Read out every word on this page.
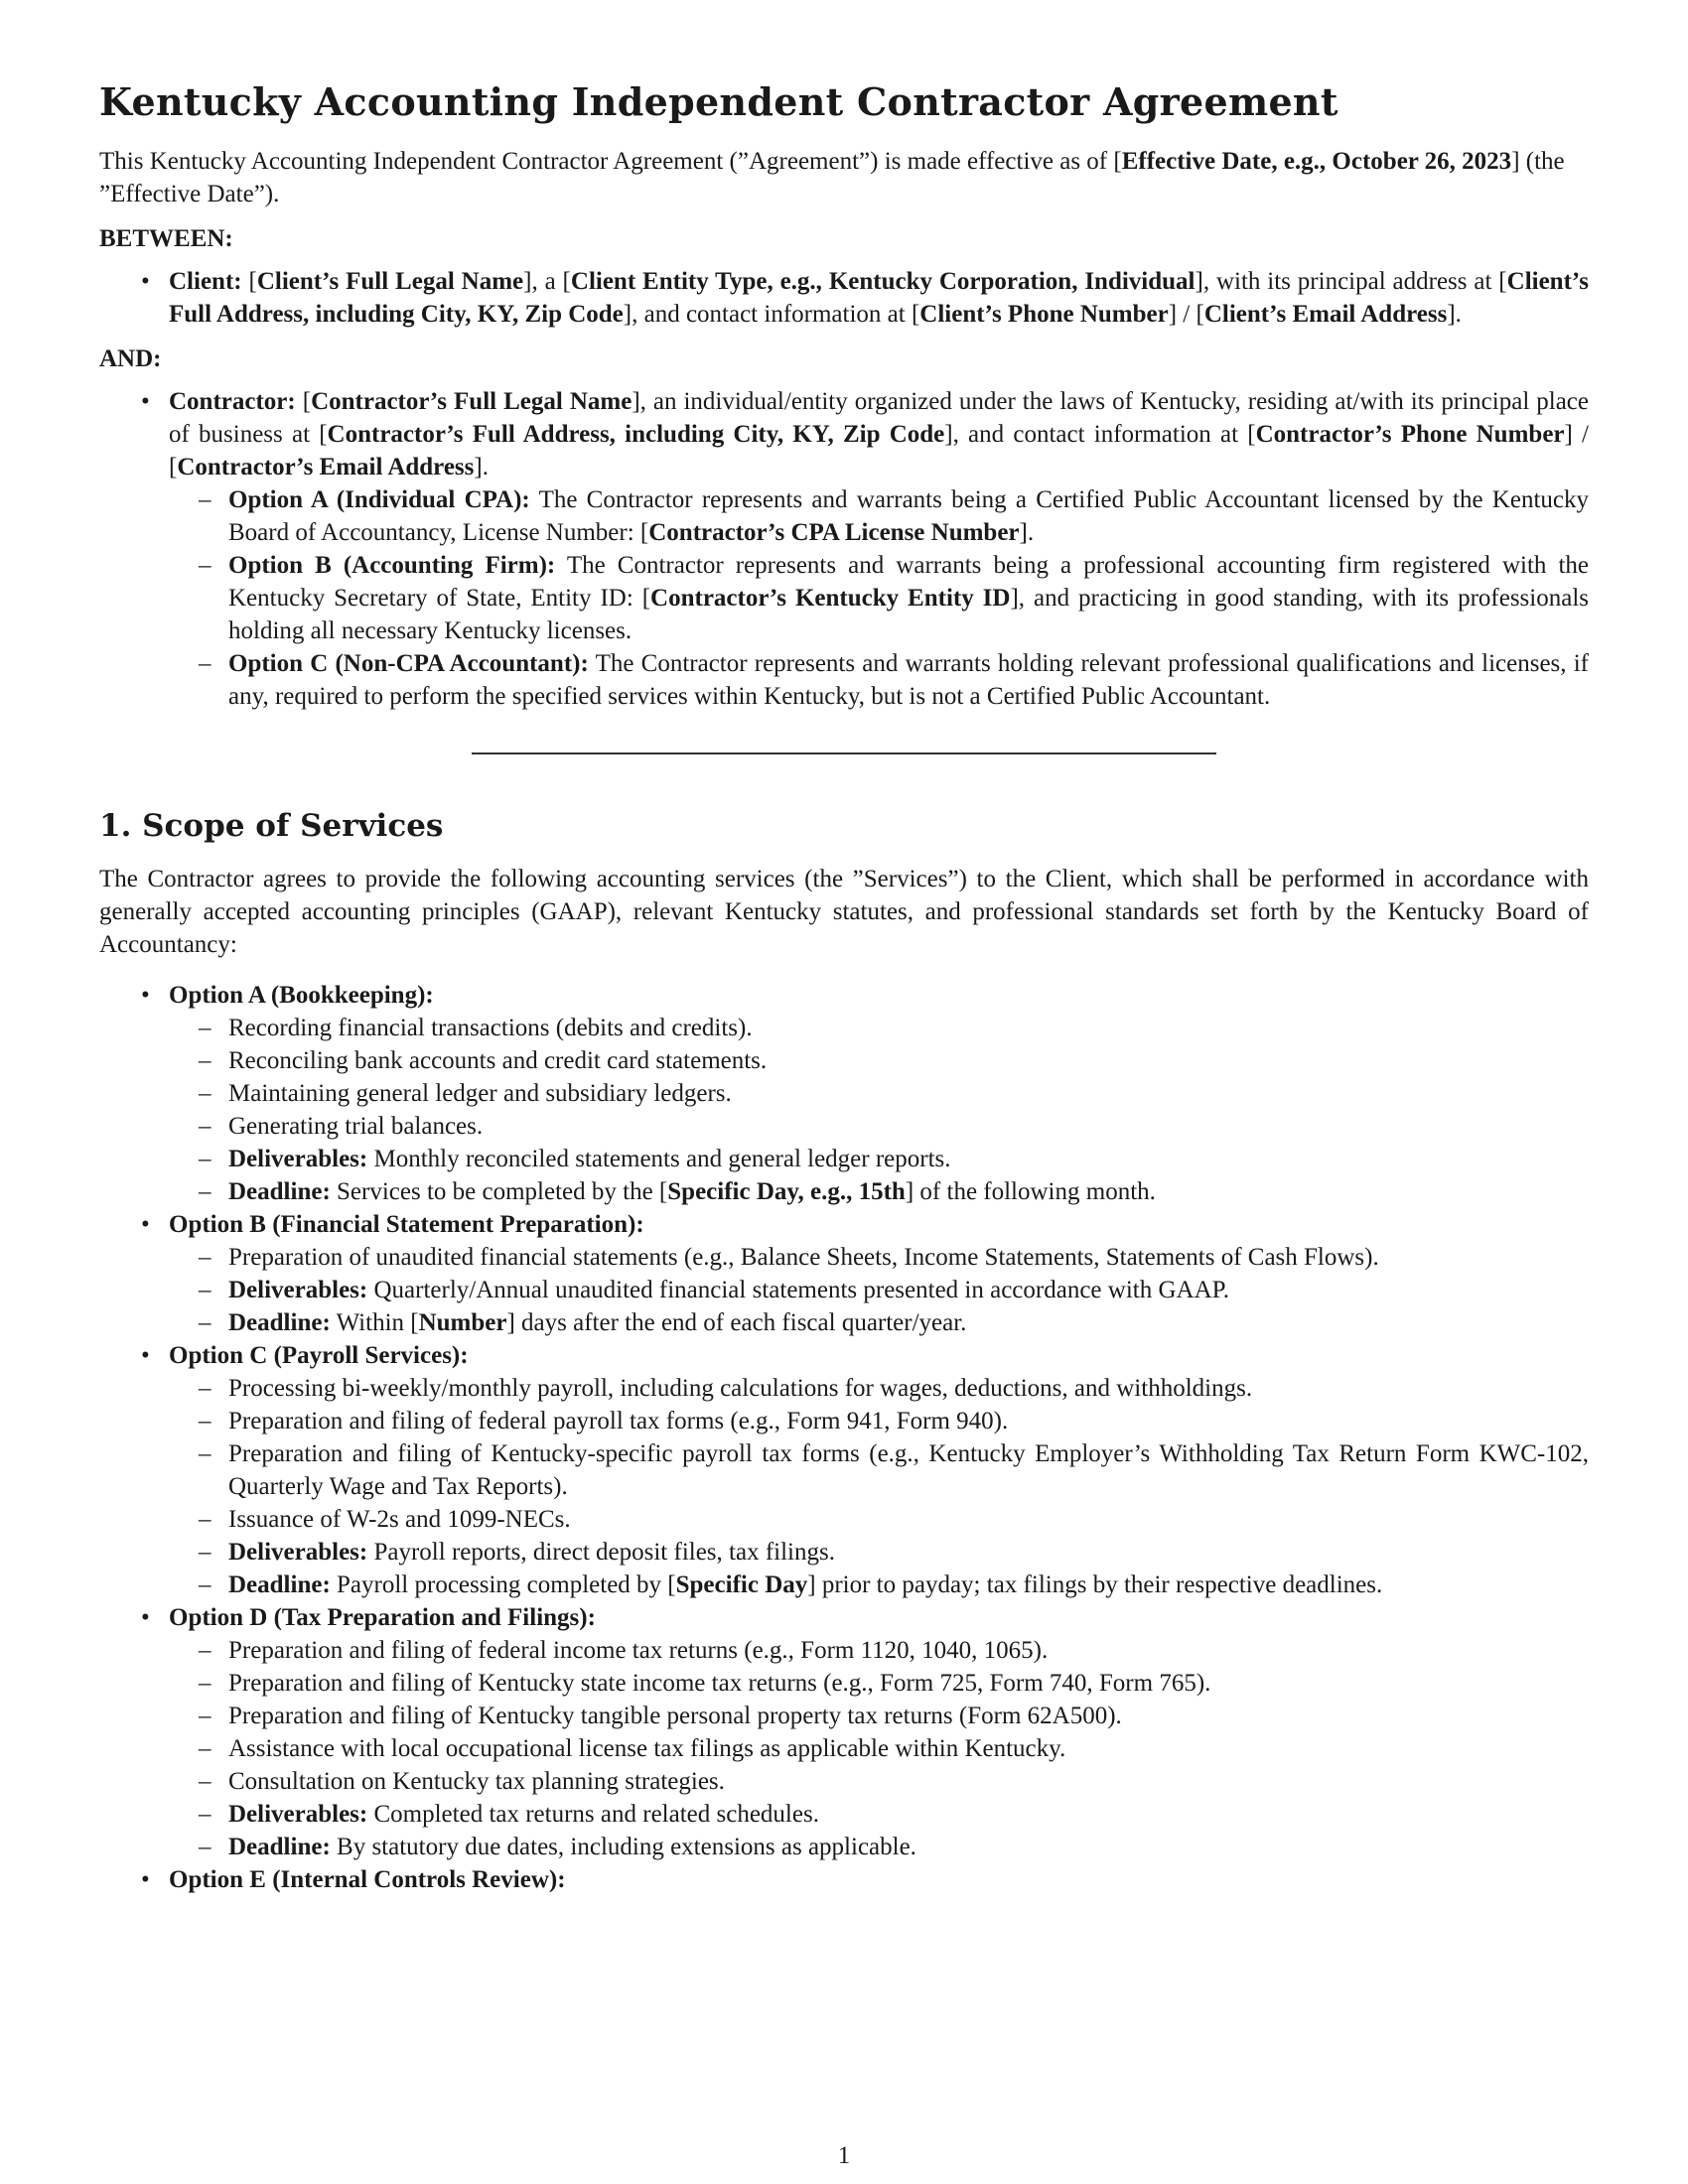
Kentucky Accounting Independent Contractor Agreement

This Kentucky Accounting Independent Contractor Agreement (”Agreement”) is made effective as of [Effective Date, e.g., October 26, 2023] (the ”Effective Date”).

BETWEEN:

• Client: [Client’s Full Legal Name], a [Client Entity Type, e.g., Kentucky Corporation, Individual], with its principal address at [Client’s Full Address, including City, KY, Zip Code], and contact information at [Client’s Phone Number] / [Client’s Email Address].

AND:

• Contractor: [Contractor’s Full Legal Name], an individual/entity organized under the laws of Kentucky, residing at/with its principal place of business at [Contractor’s Full Address, including City, KY, Zip Code], and contact information at [Contractor’s Phone Number] / [Contractor’s Email Address].
– Option A (Individual CPA): The Contractor represents and warrants being a Certified Public Accountant licensed by the Kentucky Board of Accountancy, License Number: [Contractor’s CPA License Number].
– Option B (Accounting Firm): The Contractor represents and warrants being a professional accounting firm registered with the Kentucky Secretary of State, Entity ID: [Contractor’s Kentucky Entity ID], and practicing in good standing, with its professionals holding all necessary Kentucky licenses.
– Option C (Non-CPA Accountant): The Contractor represents and warrants holding relevant professional qualifications and licenses, if any, required to perform the specified services within Kentucky, but is not a Certified Public Accountant.
1. Scope of Services

The Contractor agrees to provide the following accounting services (the ”Services”) to the Client, which shall be performed in accordance with generally accepted accounting principles (GAAP), relevant Kentucky statutes, and professional standards set forth by the Kentucky Board of Accountancy:

• Option A (Bookkeeping):
– Recording financial transactions (debits and credits).
– Reconciling bank accounts and credit card statements.
– Maintaining general ledger and subsidiary ledgers.
– Generating trial balances.
– Deliverables: Monthly reconciled statements and general ledger reports.
– Deadline: Services to be completed by the [Specific Day, e.g., 15th] of the following month.
• Option B (Financial Statement Preparation):
– Preparation of unaudited financial statements (e.g., Balance Sheets, Income Statements, Statements of Cash Flows).
– Deliverables: Quarterly/Annual unaudited financial statements presented in accordance with GAAP.
– Deadline: Within [Number] days after the end of each fiscal quarter/year.
• Option C (Payroll Services):
– Processing bi-weekly/monthly payroll, including calculations for wages, deductions, and withholdings.
– Preparation and filing of federal payroll tax forms (e.g., Form 941, Form 940).
– Preparation and filing of Kentucky-specific payroll tax forms (e.g., Kentucky Employer’s Withholding Tax Return Form KWC-102, Quarterly Wage and Tax Reports).
– Issuance of W-2s and 1099-NECs.
– Deliverables: Payroll reports, direct deposit files, tax filings.
– Deadline: Payroll processing completed by [Specific Day] prior to payday; tax filings by their respective deadlines.
• Option D (Tax Preparation and Filings):
– Preparation and filing of federal income tax returns (e.g., Form 1120, 1040, 1065).
– Preparation and filing of Kentucky state income tax returns (e.g., Form 725, Form 740, Form 765).
– Preparation and filing of Kentucky tangible personal property tax returns (Form 62A500).
– Assistance with local occupational license tax filings as applicable within Kentucky.
– Consultation on Kentucky tax planning strategies.
– Deliverables: Completed tax returns and related schedules.
– Deadline: By statutory due dates, including extensions as applicable.
• Option E (Internal Controls Review):
1
